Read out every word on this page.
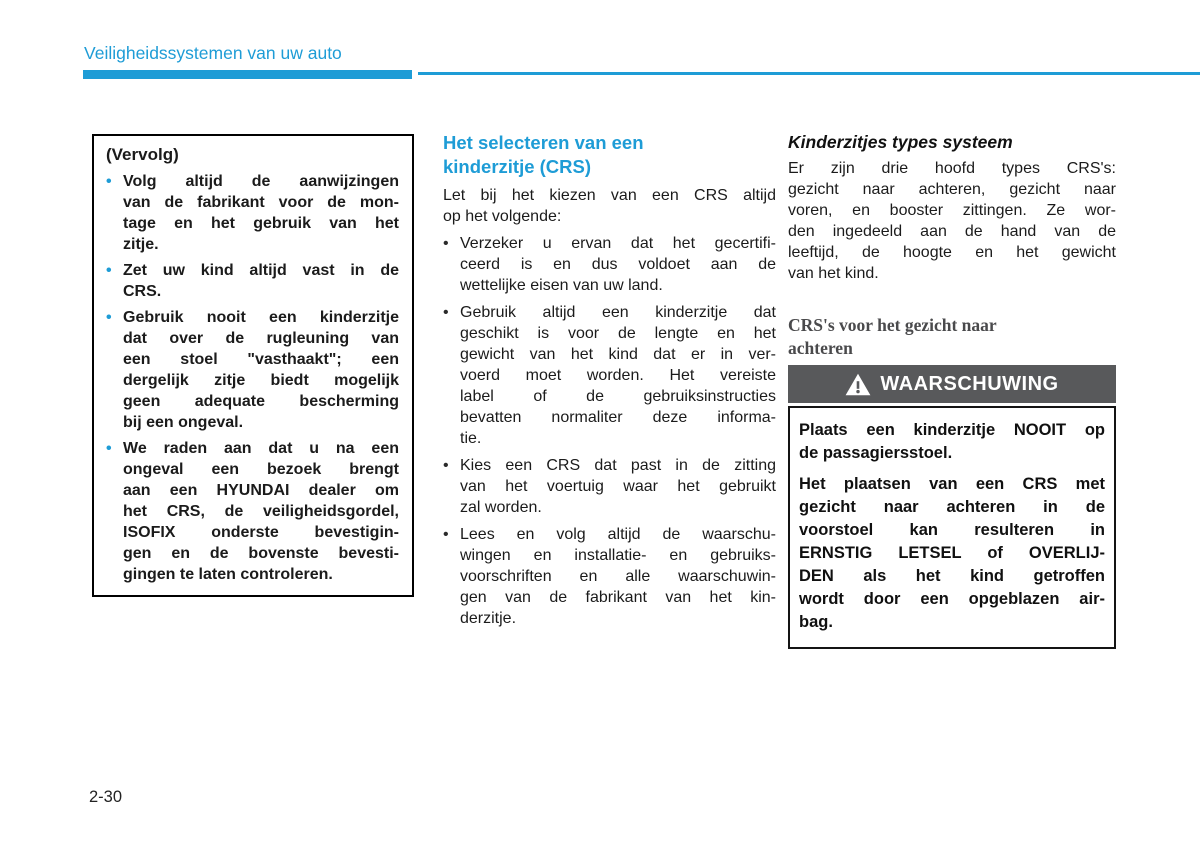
Veiligheidssystemen van uw auto
(Vervolg)
• Volg altijd de aanwijzingen
van de fabrikant voor de mon-
tage en het gebruik van het
zitje.
• Zet uw kind altijd vast in de
CRS.
• Gebruik nooit een kinderzitje
dat over de rugleuning van
een stoel "vasthaakt"; een
dergelijk zitje biedt mogelijk
geen adequate bescherming
bij een ongeval.
• We raden aan dat u na een
ongeval een bezoek brengt
aan een HYUNDAI dealer om
het CRS, de veiligheidsgordel,
ISOFIX onderste bevestigin-
gen en de bovenste bevesti-
gingen te laten controleren.
Het selecteren van een
kinderzitje (CRS)
Let bij het kiezen van een CRS altijd
op het volgende:
• Verzeker u ervan dat het gecertifi-
ceerd is en dus voldoet aan de
wettelijke eisen van uw land.
• Gebruik altijd een kinderzitje dat
geschikt is voor de lengte en het
gewicht van het kind dat er in ver-
voerd moet worden. Het vereiste
label of de gebruiksinstructies
bevatten normaliter deze informa-
tie.
• Kies een CRS dat past in de zitting
van het voertuig waar het gebruikt
zal worden.
• Lees en volg altijd de waarschu-
wingen en installatie- en gebruiks-
voorschriften en alle waarschuwin-
gen van de fabrikant van het kin-
derzitje.
Kinderzitjes types systeem
Er zijn drie hoofd types CRS's:
gezicht naar achteren, gezicht naar
voren, en booster zittingen. Ze wor-
den ingedeeld aan de hand van de
leeftijd, de hoogte en het gewicht
van het kind.
CRS's voor het gezicht naar
achteren
WAARSCHUWING
Plaats een kinderzitje NOOIT op
de passagiersstoel.
Het plaatsen van een CRS met
gezicht naar achteren in de
voorstoel kan resulteren in
ERNSTIG LETSEL of OVERLIJ-
DEN als het kind getroffen
wordt door een opgeblazen air-
bag.
2-30
